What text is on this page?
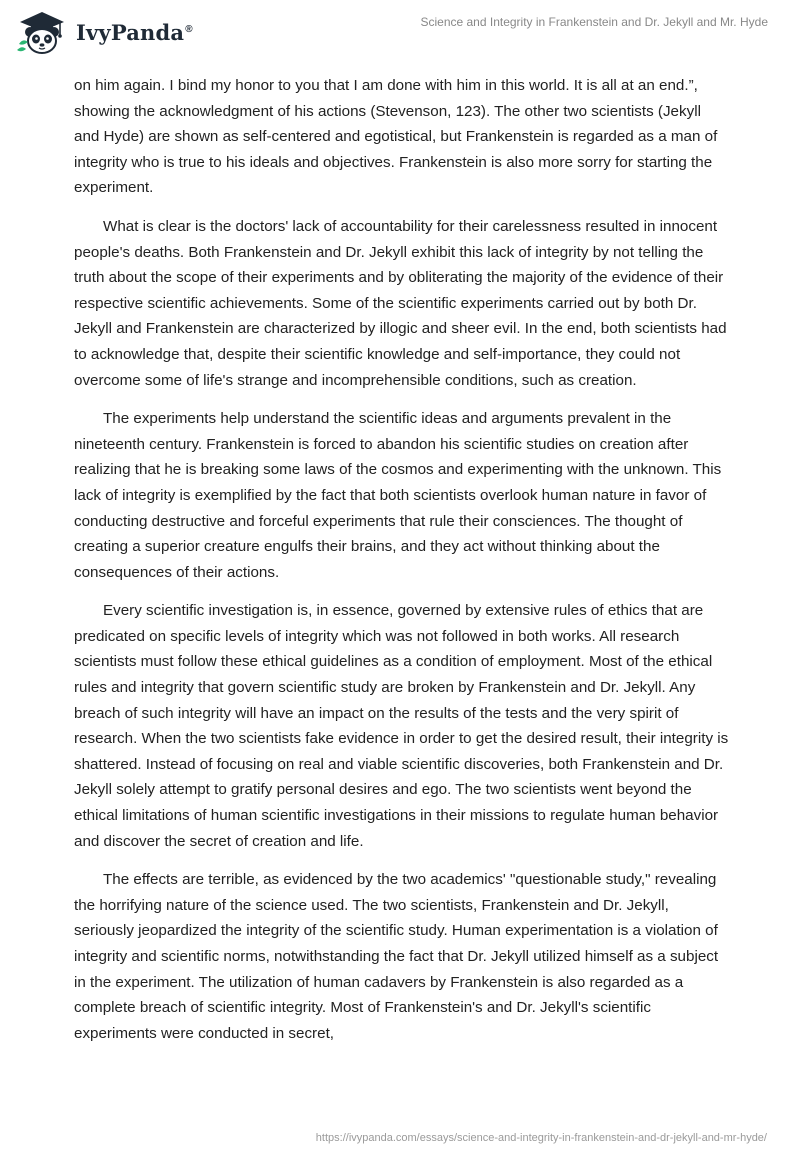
IvyPanda®	Science and Integrity in Frankenstein and Dr. Jekyll and Mr. Hyde

on him again. I bind my honor to you that I am done with him in this world. It is all at an end.”, showing the acknowledgment of his actions (Stevenson, 123). The other two scientists (Jekyll and Hyde) are shown as self-centered and egotistical, but Frankenstein is regarded as a man of integrity who is true to his ideals and objectives. Frankenstein is also more sorry for starting the experiment.

What is clear is the doctors' lack of accountability for their carelessness resulted in innocent people's deaths. Both Frankenstein and Dr. Jekyll exhibit this lack of integrity by not telling the truth about the scope of their experiments and by obliterating the majority of the evidence of their respective scientific achievements. Some of the scientific experiments carried out by both Dr. Jekyll and Frankenstein are characterized by illogic and sheer evil. In the end, both scientists had to acknowledge that, despite their scientific knowledge and self-importance, they could not overcome some of life's strange and incomprehensible conditions, such as creation.

The experiments help understand the scientific ideas and arguments prevalent in the nineteenth century. Frankenstein is forced to abandon his scientific studies on creation after realizing that he is breaking some laws of the cosmos and experimenting with the unknown. This lack of integrity is exemplified by the fact that both scientists overlook human nature in favor of conducting destructive and forceful experiments that rule their consciences. The thought of creating a superior creature engulfs their brains, and they act without thinking about the consequences of their actions.

Every scientific investigation is, in essence, governed by extensive rules of ethics that are predicated on specific levels of integrity which was not followed in both works. All research scientists must follow these ethical guidelines as a condition of employment. Most of the ethical rules and integrity that govern scientific study are broken by Frankenstein and Dr. Jekyll. Any breach of such integrity will have an impact on the results of the tests and the very spirit of research. When the two scientists fake evidence in order to get the desired result, their integrity is shattered. Instead of focusing on real and viable scientific discoveries, both Frankenstein and Dr. Jekyll solely attempt to gratify personal desires and ego. The two scientists went beyond the ethical limitations of human scientific investigations in their missions to regulate human behavior and discover the secret of creation and life.

The effects are terrible, as evidenced by the two academics' "questionable study," revealing the horrifying nature of the science used. The two scientists, Frankenstein and Dr. Jekyll, seriously jeopardized the integrity of the scientific study. Human experimentation is a violation of integrity and scientific norms, notwithstanding the fact that Dr. Jekyll utilized himself as a subject in the experiment. The utilization of human cadavers by Frankenstein is also regarded as a complete breach of scientific integrity. Most of Frankenstein's and Dr. Jekyll's scientific experiments were conducted in secret,

https://ivypanda.com/essays/science-and-integrity-in-frankenstein-and-dr-jekyll-and-mr-hyde/
